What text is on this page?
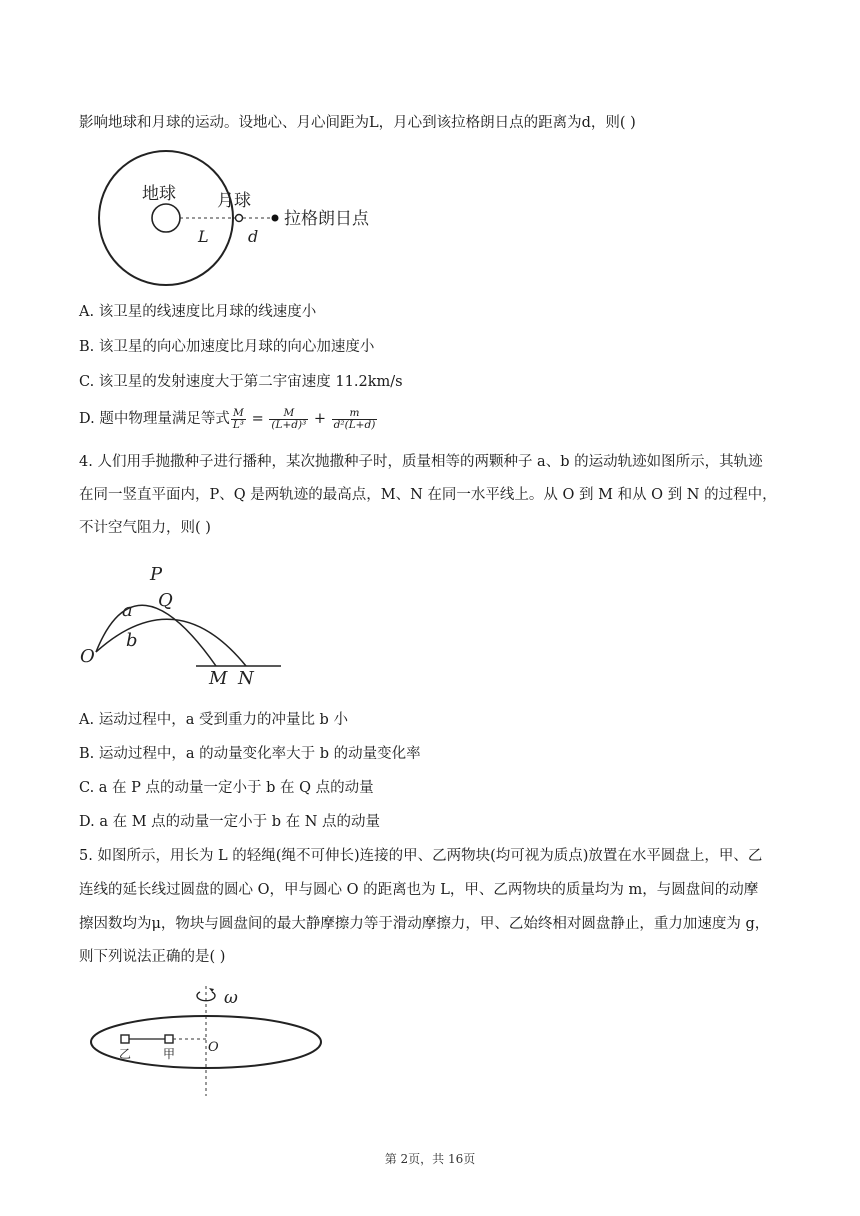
影响地球和月球的运动。设地心、月心间距为L，月心到该拉格朗日点的距离为d，则( )
地球 月球
拉格朗日点
L d
A. 该卫星的线速度比月球的线速度小
B. 该卫星的向心加速度比月球的向心加速度小
C. 该卫星的发射速度大于第二宇宙速度 11.2km/s
D. 题中物理量满足等式 $\frac{M}{\text{L³}} = \frac{M}{\text{(L+d)³}} + \frac{m}{\text{d²(L+d)}}$
4. 人们用手抛撒种子进行播种，某次抛撒种子时，质量相等的两颗种子 a、b 的运动轨迹如图所示，其轨迹
在同一竖直平面内，P、Q 是两轨迹的最高点，M、N 在同一水平线上。从 O 到 M 和从 O 到 N 的过程中，
不计空气阻力，则( )
P
Q
a
b
O
M N
A. 运动过程中，a 受到重力的冲量比 b 小
B. 运动过程中，a 的动量变化率大于 b 的动量变化率
C. a 在 P 点的动量一定小于 b 在 Q 点的动量
D. a 在 M 点的动量一定小于 b 在 N 点的动量
5. 如图所示，用长为 L 的轻绳(绳不可伸长)连接的甲、乙两物块(均可视为质点)放置在水平圆盘上，甲、乙
连线的延长线过圆盘的圆心 O，甲与圆心 O 的距离也为 L，甲、乙两物块的质量均为 m，与圆盘间的动摩
擦因数均为μ，物块与圆盘间的最大静摩擦力等于滑动摩擦力，甲、乙始终相对圆盘静止，重力加速度为 g，
则下列说法正确的是( )
ω
乙	甲	O
第 2页，共 16页
